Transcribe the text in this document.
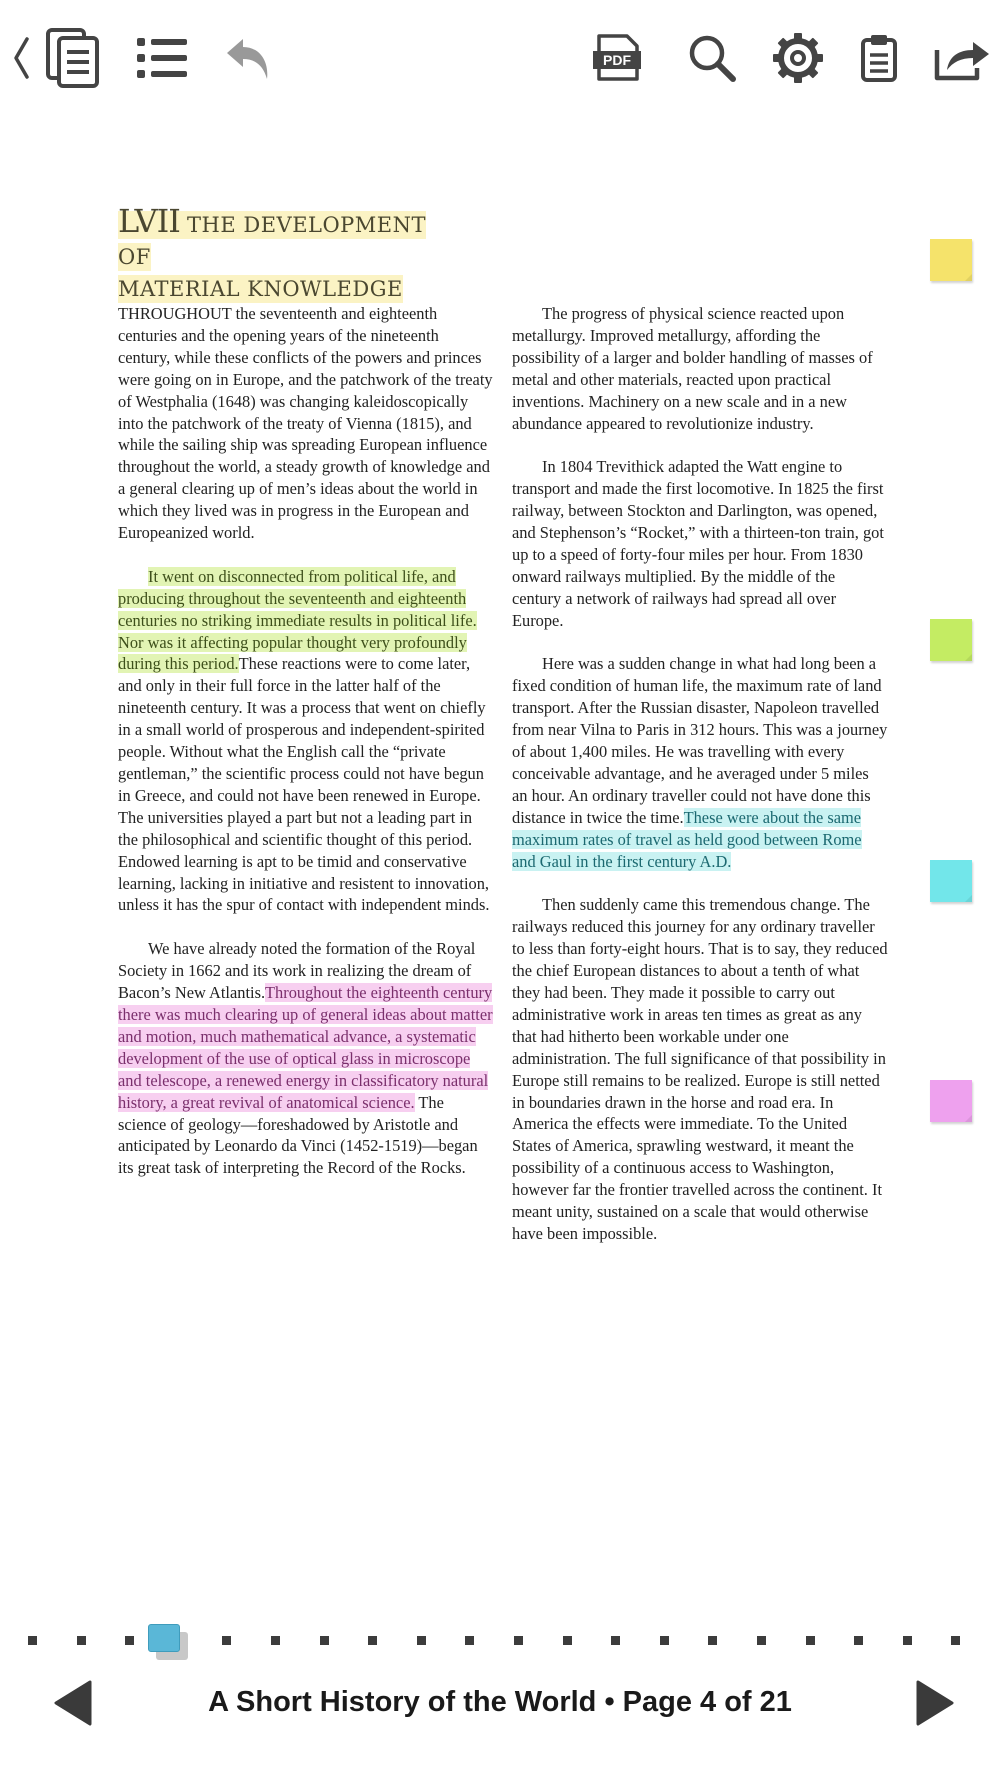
PDF
LVII THE DEVELOPMENT OF
MATERIAL KNOWLEDGE

THROUGHOUT the seventeenth and eighteenth centuries and the opening years of the nineteenth century, while these conflicts of the powers and princes were going on in Europe, and the patchwork of the treaty of Westphalia (1648) was changing kaleidoscopically into the patchwork of the treaty of Vienna (1815), and while the sailing ship was spreading European influence throughout the world, a steady growth of knowledge and a general clearing up of men’s ideas about the world in which they lived was in progress in the European and Europeanized world.

It went on disconnected from political life, and producing throughout the seventeenth and eighteenth centuries no striking immediate results in political life. Nor was it affecting popular thought very profoundly during this period.These reactions were to come later, and only in their full force in the latter half of the nineteenth century. It was a process that went on chiefly in a small world of prosperous and independent-spirited people. Without what the English call the “private gentleman,” the scientific process could not have begun in Greece, and could not have been renewed in Europe. The universities played a part but not a leading part in the philosophical and scientific thought of this period. Endowed learning is apt to be timid and conservative learning, lacking in initiative and resistent to innovation, unless it has the spur of contact with independent minds.

We have already noted the formation of the Royal Society in 1662 and its work in realizing the dream of Bacon’s New Atlantis.Throughout the eighteenth century there was much clearing up of general ideas about matter and motion, much mathematical advance, a systematic development of the use of optical glass in microscope and telescope, a renewed energy in classificatory natural history, a great revival of anatomical science. The science of geology—foreshadowed by Aristotle and anticipated by Leonardo da Vinci (1452-1519)—began its great task of interpreting the Record of the Rocks.

The progress of physical science reacted upon metallurgy. Improved metallurgy, affording the possibility of a larger and bolder handling of masses of metal and other materials, reacted upon practical inventions. Machinery on a new scale and in a new abundance appeared to revolutionize industry.

In 1804 Trevithick adapted the Watt engine to transport and made the first locomotive. In 1825 the first railway, between Stockton and Darlington, was opened, and Stephenson’s “Rocket,” with a thirteen-ton train, got up to a speed of forty-four miles per hour. From 1830 onward railways multiplied. By the middle of the century a network of railways had spread all over Europe.

Here was a sudden change in what had long been a fixed condition of human life, the maximum rate of land transport. After the Russian disaster, Napoleon travelled from near Vilna to Paris in 312 hours. This was a journey of about 1,400 miles. He was travelling with every conceivable advantage, and he averaged under 5 miles an hour. An ordinary traveller could not have done this distance in twice the time.These were about the same maximum rates of travel as held good between Rome and Gaul in the first century A.D.

Then suddenly came this tremendous change. The railways reduced this journey for any ordinary traveller to less than forty-eight hours. That is to say, they reduced the chief European distances to about a tenth of what they had been. They made it possible to carry out administrative work in areas ten times as great as any that had hitherto been workable under one administration. The full significance of that possibility in Europe still remains to be realized. Europe is still netted in boundaries drawn in the horse and road era. In America the effects were immediate. To the United States of America, sprawling westward, it meant the possibility of a continuous access to Washington, however far the frontier travelled across the continent. It meant unity, sustained on a scale that would otherwise have been impossible.

A Short History of the World • Page 4 of 21
